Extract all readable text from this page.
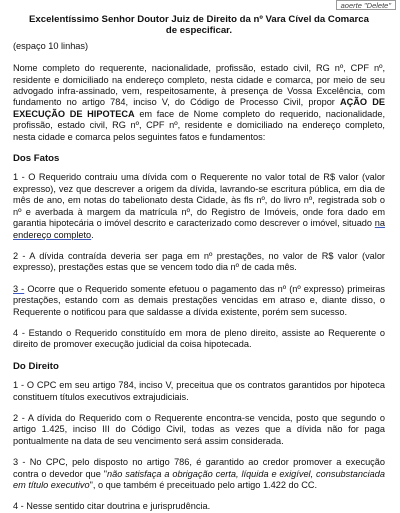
aoerte "Delete"
Excelentíssimo Senhor Doutor Juiz de Direito da nº Vara Cível da Comarca
de especificar.
(espaço 10 linhas)

Nome completo do requerente, nacionalidade, profissão, estado civil, RG nº, CPF nº, residente e domiciliado na endereço completo, nesta cidade e comarca, por meio de seu advogado infra-assinado, vem, respeitosamente, à presença de Vossa Excelência, com fundamento no artigo 784, inciso V, do Código de Processo Civil, propor AÇÃO DE EXECUÇÃO DE HIPOTECA em face de Nome completo do requerido, nacionalidade, profissão, estado civil, RG nº, CPF nº, residente e domiciliado na endereço completo, nesta cidade e comarca pelos seguintes fatos e fundamentos:

Dos Fatos

1 - O Requerido contraiu uma dívida com o Requerente no valor total de R$ valor (valor expresso), vez que descrever a origem da dívida, lavrando-se escritura pública, em dia de mês de ano, em notas do tabelionato desta Cidade, às fls nº, do livro nº, registrada sob o nº e averbada à margem da matrícula nº, do Registro de Imóveis, onde fora dado em garantia hipotecária o imóvel descrito e caracterizado como descrever o imóvel, situado na endereço completo.

2 - A dívida contraída deveria ser paga em nº prestações, no valor de R$ valor (valor expresso), prestações estas que se vencem todo dia nº de cada mês.

3 - Ocorre que o Requerido somente efetuou o pagamento das nº (nº expresso) primeiras prestações, estando com as demais prestações vencidas em atraso e, diante disso, o Requerente o notificou para que saldasse a dívida existente, porém sem sucesso.

4 - Estando o Requerido constituído em mora de pleno direito, assiste ao Requerente o direito de promover execução judicial da coisa hipotecada.

Do Direito

1 - O CPC em seu artigo 784, inciso V, preceitua que os contratos garantidos por hipoteca constituem títulos executivos extrajudiciais.

2 - A dívida do Requerido com o Requerente encontra-se vencida, posto que segundo o artigo 1.425, inciso III do Código Civil, todas as vezes que a dívida não for paga pontualmente na data de seu vencimento será assim considerada.

3 - No CPC, pelo disposto no artigo 786, é garantido ao credor promover a execução contra o devedor que "não satisfaça a obrigação certa, líquida e exigível, consubstanciada em título executivo", o que também é preceituado pelo artigo 1.422 do CC.

4 - Nesse sentido citar doutrina e jurisprudência.
